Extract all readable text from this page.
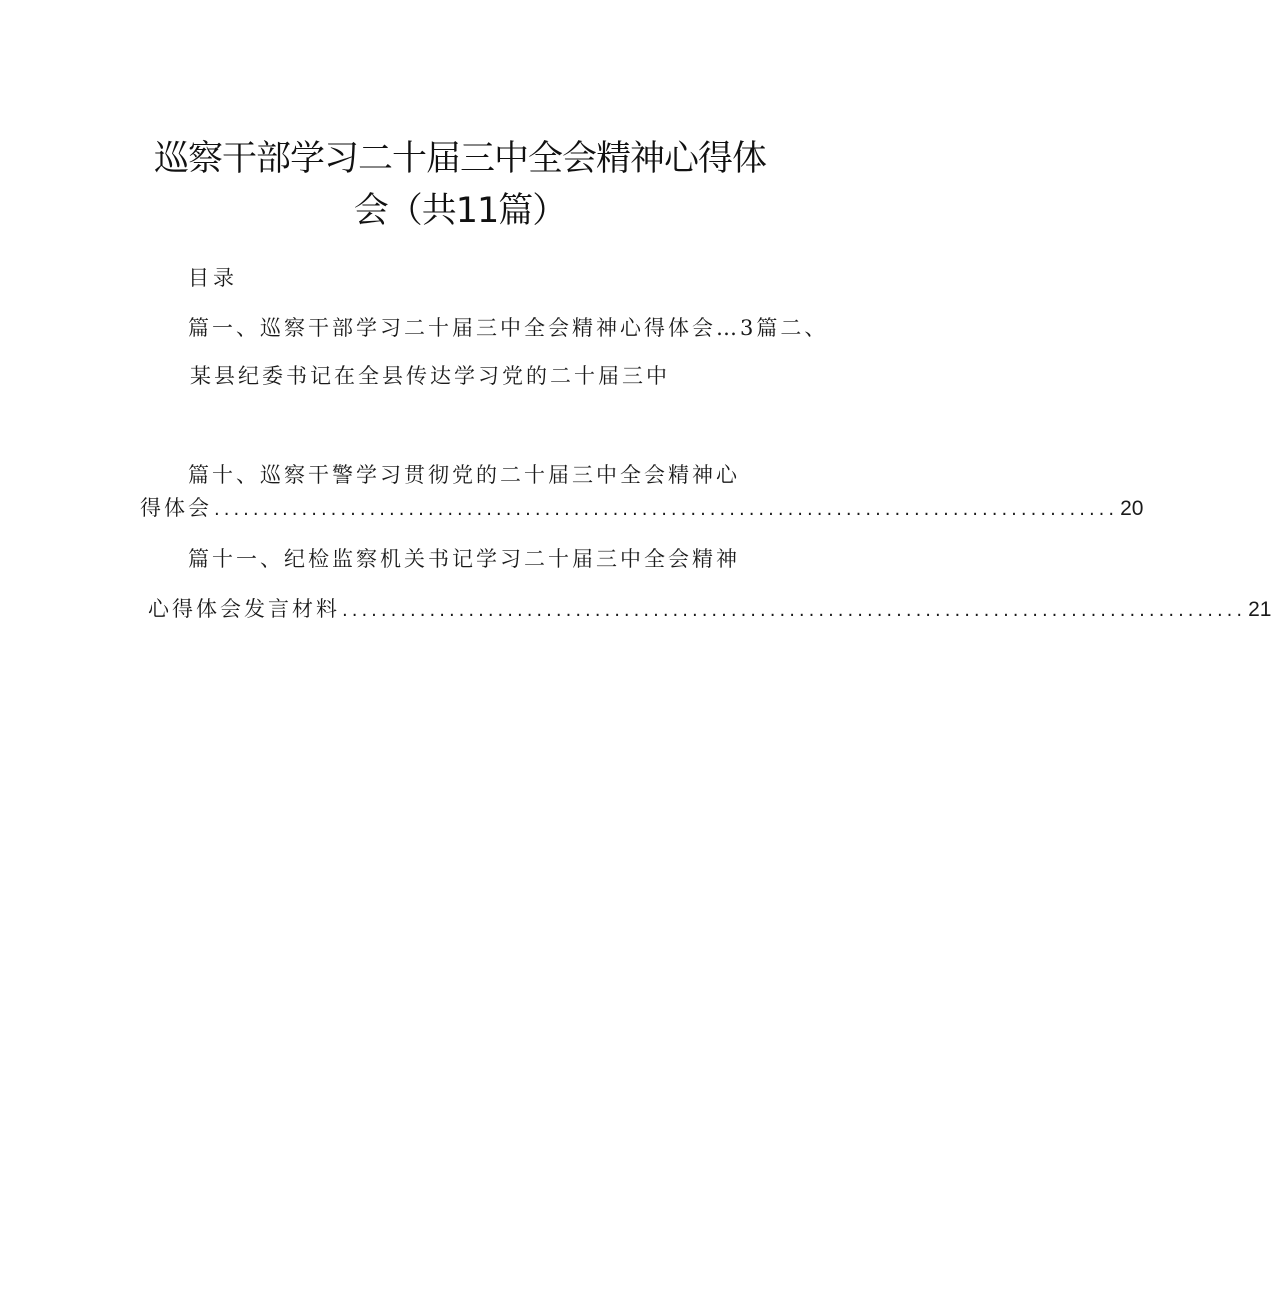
巡察干部学习二十届三中全会精神心得体
会（共11篇）
目录
篇一、巡察干部学习二十届三中全会精神心得体会…3篇二、
某县纪委书记在全县传达学习党的二十届三中
篇十、巡察干警学习贯彻党的二十届三中全会精神心
得体会 ............................................................................................. 20
篇十一、纪检监察机关书记学习二十届三中全会精神
心得体会发言材料 ............................................................................................. 21
